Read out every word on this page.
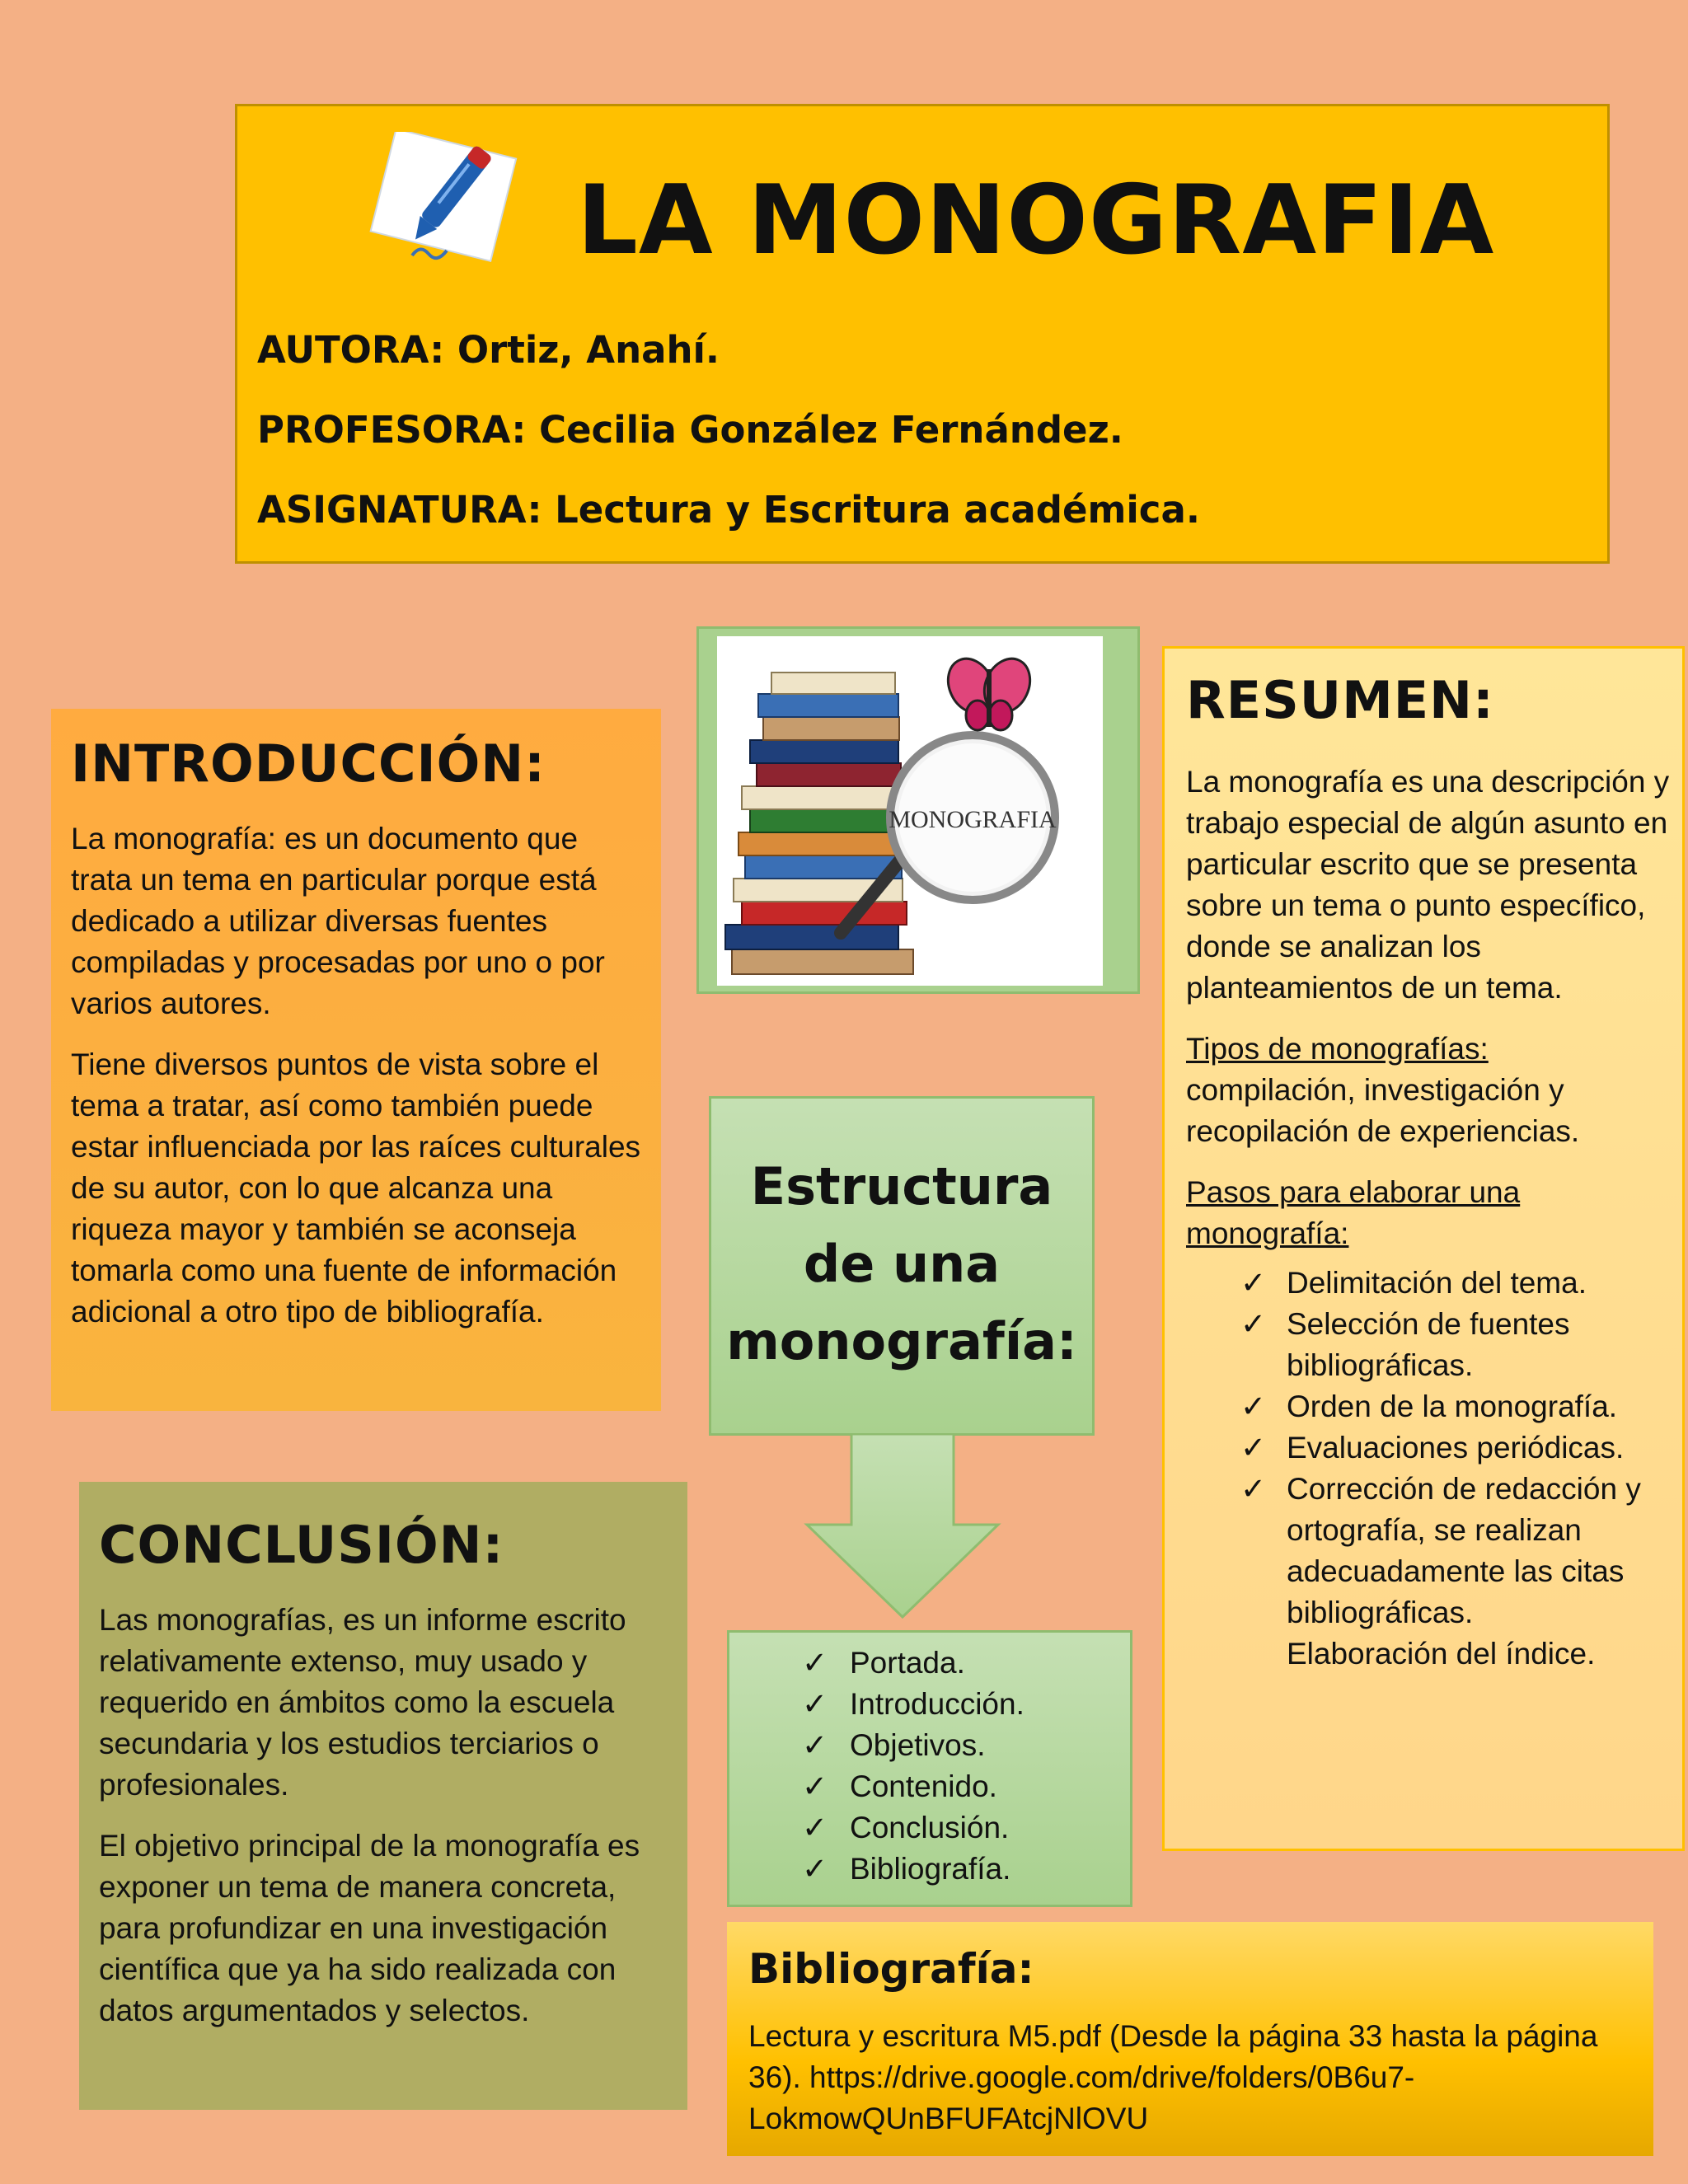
LA MONOGRAFIA
AUTORA: Ortiz, Anahí.
PROFESORA: Cecilia González Fernández.
ASIGNATURA: Lectura y Escritura académica.
INTRODUCCIÓN:

La monografía: es un documento que trata un tema en particular porque está dedicado a utilizar diversas fuentes compiladas y procesadas por uno o por varios autores.

Tiene diversos puntos de vista sobre el tema a tratar, así como también puede estar influenciada por las raíces culturales de su autor, con lo que alcanza una riqueza mayor y también se aconseja tomarla como una fuente de información adicional a otro tipo de bibliografía.

MONOGRAFIA
RESUMEN:

La monografía es una descripción y trabajo especial de algún asunto en particular escrito que se presenta sobre un tema o punto específico, donde se analizan los planteamientos de un tema.

Tipos de monografías:
compilación, investigación y recopilación de experiencias.

Pasos para elaborar una monografía:

✓ Delimitación del tema.
✓ Selección de fuentes bibliográficas.
✓ Orden de la monografía.
✓ Evaluaciones periódicas.
✓ Corrección de redacción y ortografía, se realizan adecuadamente las citas bibliográficas.
Elaboración del índice.
Estructura
de una
monografía:
✓ Portada.
✓ Introducción.
✓ Objetivos.
✓ Contenido.
✓ Conclusión.
✓ Bibliografía.
CONCLUSIÓN:

Las monografías, es un informe escrito relativamente extenso, muy usado y requerido en ámbitos como la escuela secundaria y los estudios terciarios o profesionales.

El objetivo principal de la monografía es exponer un tema de manera concreta, para profundizar en una investigación científica que ya ha sido realizada con datos argumentados y selectos.

Bibliografía:
Lectura y escritura M5.pdf (Desde la página 33 hasta la página 36). https://drive.google.com/drive/folders/0B6u7-LokmowQUnBFUFAtcjNlOVU
